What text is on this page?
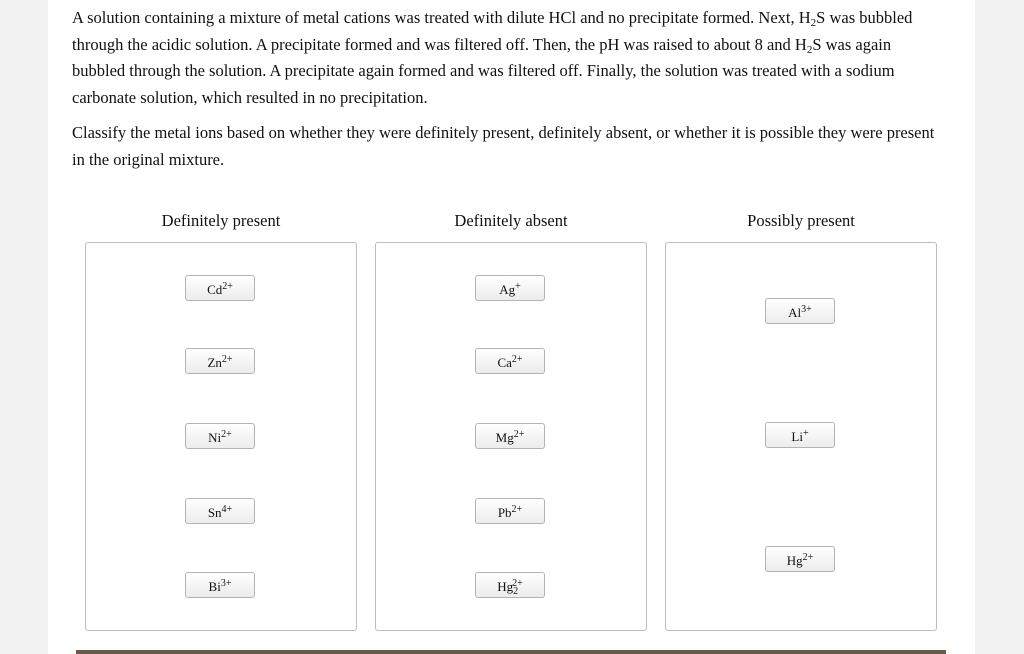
A solution containing a mixture of metal cations was treated with dilute HCl and no precipitate formed. Next, $H_2S$ was bubbled through the acidic solution. A precipitate formed and was filtered off. Then, the pH was raised to about 8 and $H_2S$ was again bubbled through the solution. A precipitate again formed and was filtered off. Finally, the solution was treated with a sodium carbonate solution, which resulted in no precipitation.

Classify the metal ions based on whether they were definitely present, definitely absent, or whether it is possible they were present in the original mixture.

Definitely present	Definitely absent	Possibly present
$Cd^{2+}$
$Zn^{2+}$
$Ni^{2+}$
$Sn^{4+}$
$Bi^{3+}$
Ag+
$Ca^{2+}$
$Mg^{2+}$
$Pb^{2+}$
$Hg_2^{2+}$
$Al^{3+}$
Li+
$Hg^{2+}$
